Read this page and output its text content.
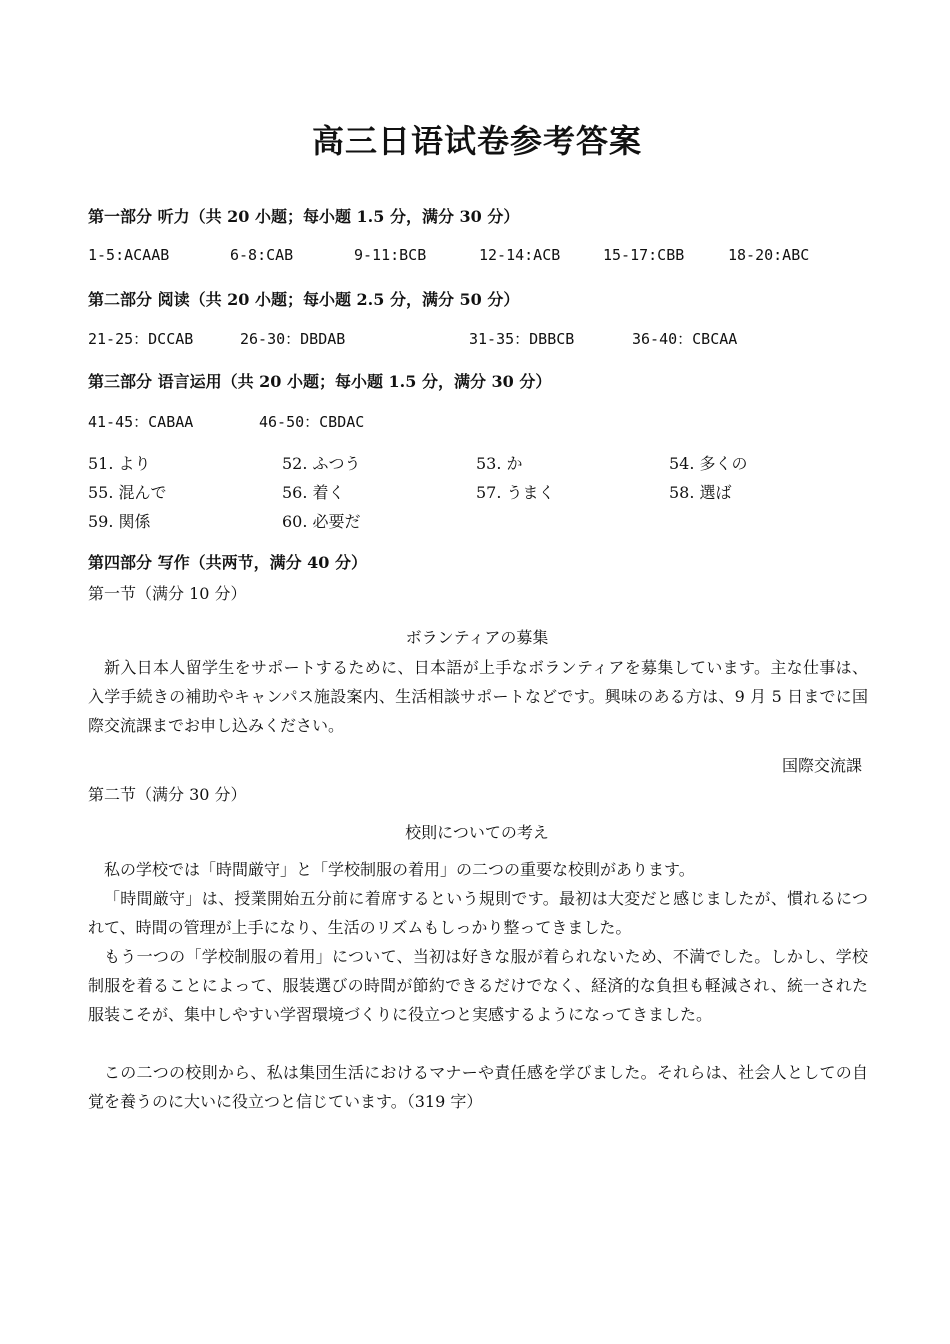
高三日语试卷参考答案
第一部分 听力（共 20 小题；每小题 1.5 分，满分 30 分）
1-5:ACAAB	6-8:CAB	9-11:BCB	12-14:ACB	15-17:CBB	18-20:ABC
第二部分 阅读（共 20 小题；每小题 2.5 分，满分 50 分）
21-25：DCCAB	26-30：DBDAB	31-35：DBBCB	36-40：CBCAA
第三部分 语言运用（共 20 小题；每小题 1.5 分，满分 30 分）
41-45：CABAA	46-50：CBDAC
51. より	52. ふつう	53. か	54. 多くの
55. 混んで	56. 着く	57. うまく	58. 選ば
59. 関係	60. 必要だ
第四部分 写作（共两节，满分 40 分）
第一节（满分 10 分）
ボランティアの募集
新入日本人留学生をサポートするために、日本語が上手なボランティアを募集しています。主な仕事は、入学手続きの補助やキャンパス施設案内、生活相談サポートなどです。興味のある方は、9 月 5 日までに国際交流課までお申し込みください。
国際交流課
第二节（满分 30 分）
校則についての考え
私の学校では「時間厳守」と「学校制服の着用」の二つの重要な校則があります。
「時間厳守」は、授業開始五分前に着席するという規則です。最初は大変だと感じましたが、慣れるにつれて、時間の管理が上手になり、生活のリズムもしっかり整ってきました。
もう一つの「学校制服の着用」について、当初は好きな服が着られないため、不満でした。しかし、学校制服を着ることによって、服装選びの時間が節約できるだけでなく、経済的な負担も軽減され、統一された服装こそが、集中しやすい学習環境づくりに役立つと実感するようになってきました。
この二つの校則から、私は集団生活におけるマナーや責任感を学びました。それらは、社会人としての自覚を養うのに大いに役立つと信じています。（319 字）
